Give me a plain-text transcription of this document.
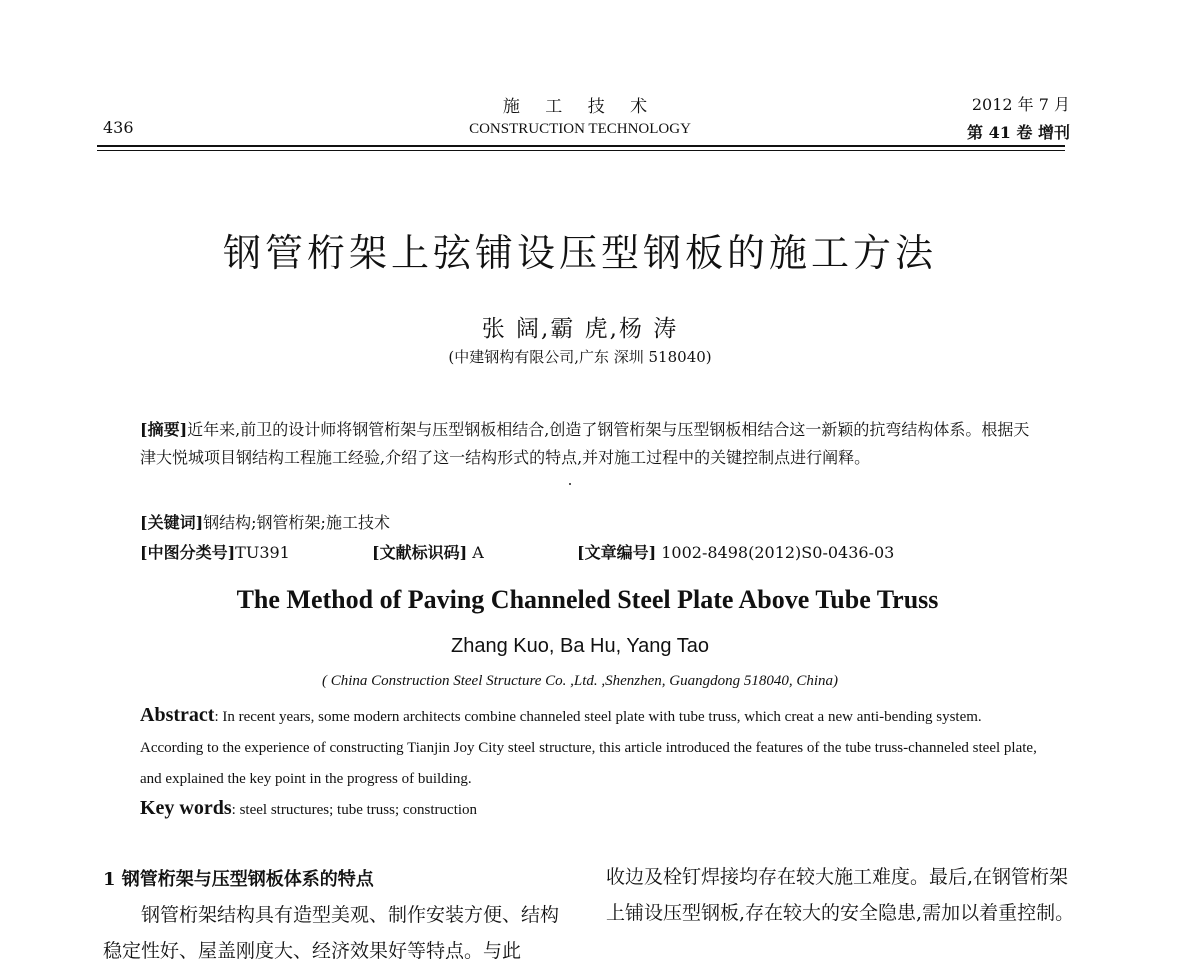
436
施 工 技 术
CONSTRUCTION TECHNOLOGY
2012 年 7 月
第 41 卷 增刊
钢管桁架上弦铺设压型钢板的施工方法
张 阔,霸 虎,杨 涛
(中建钢构有限公司,广东 深圳 518040)
[摘要]近年来,前卫的设计师将钢管桁架与压型钢板相结合,创造了钢管桁架与压型钢板相结合这一新颖的抗弯结构体系。根据天津大悦城项目钢结构工程施工经验,介绍了这一结构形式的特点,并对施工过程中的关键控制点进行阐释。
[关键词]钢结构;钢管桁架;施工技术
[中图分类号]TU391	[文献标识码] A	[文章编号] 1002-8498(2012)S0-0436-03
The Method of Paving Channeled Steel Plate Above Tube Truss
Zhang Kuo, Ba Hu, Yang Tao
( China Construction Steel Structure Co. ,Ltd. ,Shenzhen, Guangdong 518040, China)
Abstract: In recent years, some modern architects combine channeled steel plate with tube truss, which creat a new anti-bending system. According to the experience of constructing Tianjin Joy City steel structure, this article introduced the features of the tube truss-channeled steel plate, and explained the key point in the progress of building.
Key words: steel structures; tube truss; construction
1 钢管桁架与压型钢板体系的特点
钢管桁架结构具有造型美观、制作安装方便、结构稳定性好、屋盖刚度大、经济效果好等特点。与此
收边及栓钉焊接均存在较大施工难度。最后,在钢管桁架上铺设压型钢板,存在较大的安全隐患,需加以着重控制。
